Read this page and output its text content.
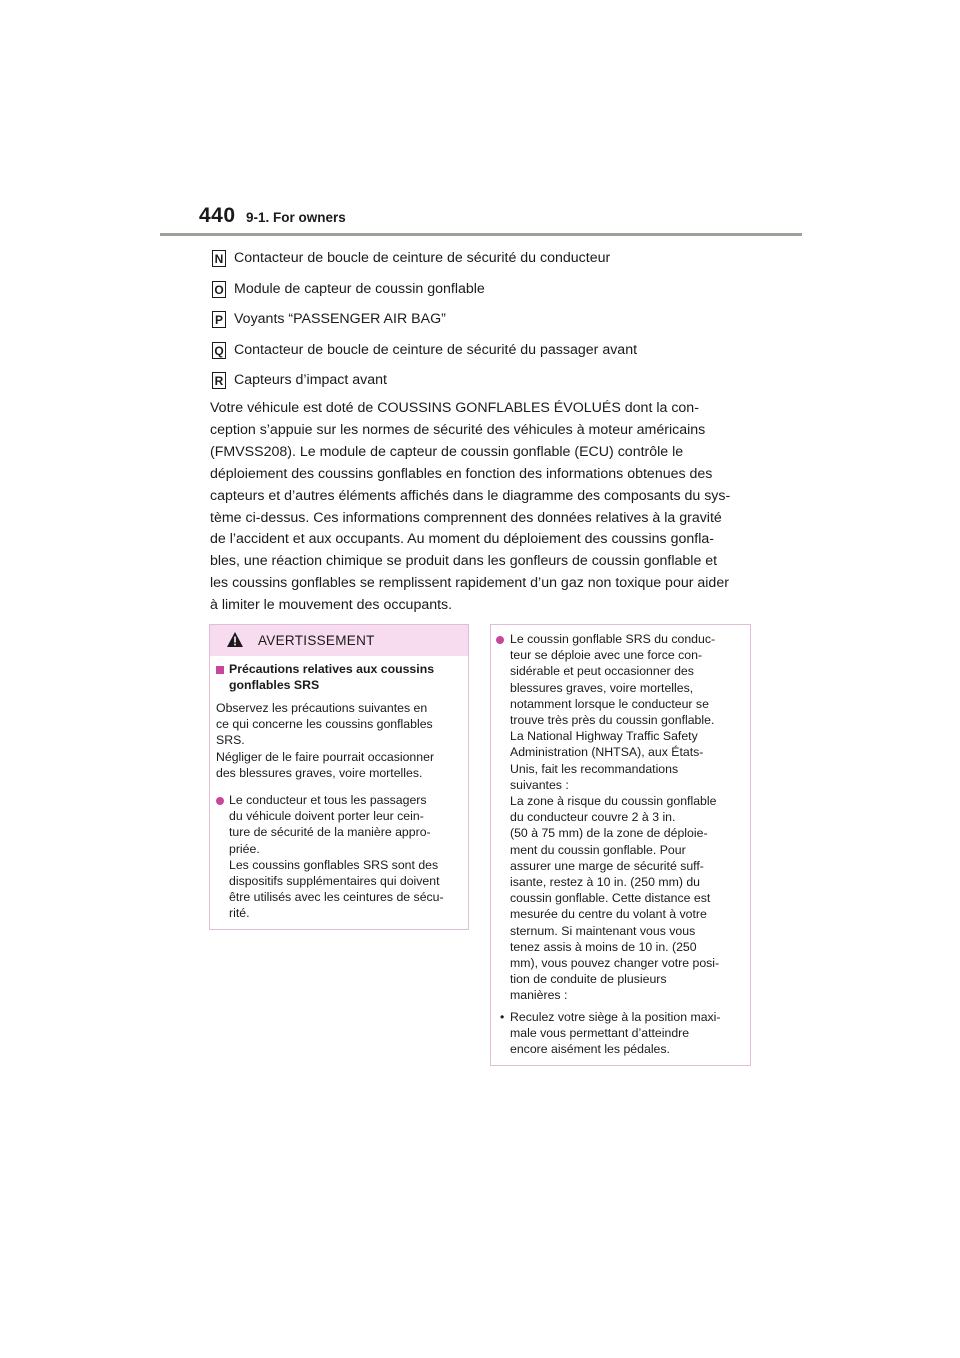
440 9-1. For owners
N Contacteur de boucle de ceinture de sécurité du conducteur
O Module de capteur de coussin gonflable
P Voyants “PASSENGER AIR BAG”
Q Contacteur de boucle de ceinture de sécurité du passager avant
R Capteurs d’impact avant

Votre véhicule est doté de COUSSINS GONFLABLES ÉVOLUÉS dont la con-

ception s’appuie sur les normes de sécurité des véhicules à moteur américains

(FMVSS208). Le module de capteur de coussin gonflable (ECU) contrôle le

déploiement des coussins gonflables en fonction des informations obtenues des

capteurs et d’autres éléments affichés dans le diagramme des composants du sys-

tème ci-dessus. Ces informations comprennent des données relatives à la gravité

de l’accident et aux occupants. Au moment du déploiement des coussins gonfla-

bles, une réaction chimique se produit dans les gonfleurs de coussin gonflable et

les coussins gonflables se remplissent rapidement d’un gaz non toxique pour aider

à limiter le mouvement des occupants.

AVERTISSEMENT

Précautions relatives aux coussins

gonflables SRS

Observez les précautions suivantes en

ce qui concerne les coussins gonflables

SRS.

Négliger de le faire pourrait occasionner

des blessures graves, voire mortelles.

Le conducteur et tous les passagers

du véhicule doivent porter leur cein-

ture de sécurité de la manière appro-

priée.

Les coussins gonflables SRS sont des

dispositifs supplémentaires qui doivent

être utilisés avec les ceintures de sécu-

rité.

Le coussin gonflable SRS du conduc-

teur se déploie avec une force con-

sidérable et peut occasionner des

blessures graves, voire mortelles,

notamment lorsque le conducteur se

trouve très près du coussin gonflable.

La National Highway Traffic Safety

Administration (NHTSA), aux États-

Unis, fait les recommandations

suivantes :

La zone à risque du coussin gonflable

du conducteur couvre 2 à 3 in.

(50 à 75 mm) de la zone de déploie-

ment du coussin gonflable. Pour

assurer une marge de sécurité suff-

isante, restez à 10 in. (250 mm) du

coussin gonflable. Cette distance est

mesurée du centre du volant à votre

sternum. Si maintenant vous vous

tenez assis à moins de 10 in. (250

mm), vous pouvez changer votre posi-

tion de conduite de plusieurs

manières :

• Reculez votre siège à la position maxi-

male vous permettant d’atteindre

encore aisément les pédales.
